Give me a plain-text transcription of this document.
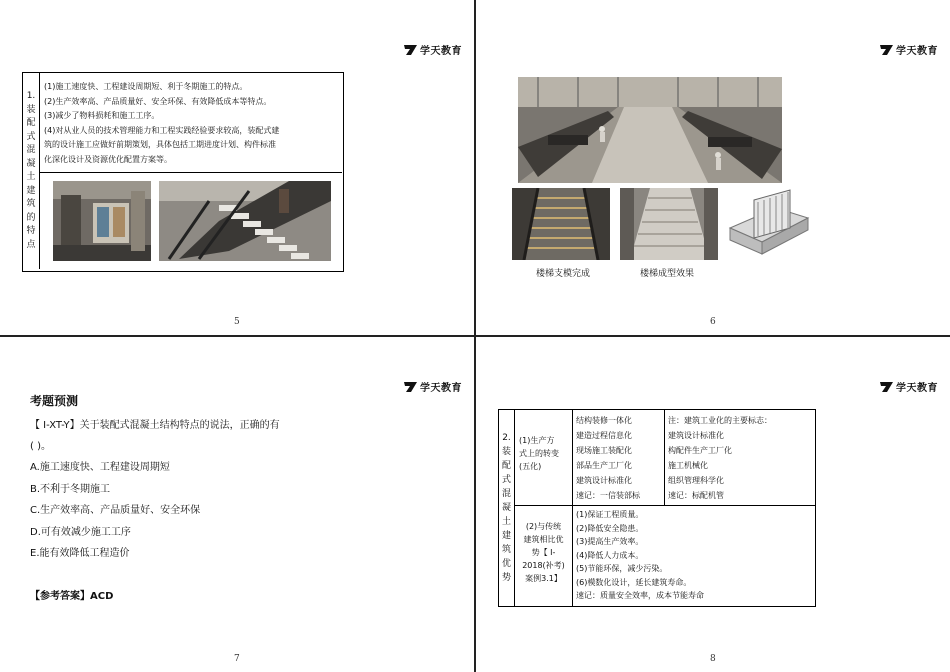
学天教育
1.
装
配
式
混
凝
土
建
筑
的
特
点
(1)施工速度快、工程建设周期短、利于冬期施工的特点。
(2)生产效率高、产品质量好、安全环保、有效降低成本等特点。
(3)减少了物料损耗和施工工序。
(4)对从业人员的技术管理能力和工程实践经验要求较高，装配式建
筑的设计施工应做好前期策划，具体包括工期进度计划、构件标准
化深化设计及资源优化配置方案等。
5
学天教育
楼梯支模完成	楼梯成型效果
6
学天教育
考题预测
【 I-XT-Y】关于装配式混凝土结构特点的说法，正确的有
( )。
A.施工速度快、工程建设周期短
B.不利于冬期施工
C.生产效率高、产品质量好、安全环保
D.可有效减少施工工序
E.能有效降低工程造价
【参考答案】ACD
7
学天教育
2.
装
配
式
混
凝
土
建
筑
优
势
(1)生产方
式上的转变
(五化)
结构装修一体化
建造过程信息化
现场施工装配化
部品生产工厂化
建筑设计标准化
速记：一信装部标
注：建筑工业化的主要标志：
建筑设计标准化
构配件生产工厂化
施工机械化
组织管理科学化
速记：标配机管
(2)与传统
建筑相比优
势【 I-
2018(补考)
案例3.1】
(1)保证工程质量。
(2)降低安全隐患。
(3)提高生产效率。
(4)降低人力成本。
(5)节能环保，减少污染。
(6)模数化设计，延长建筑寿命。
速记：质量安全效率，成本节能寿命
8
